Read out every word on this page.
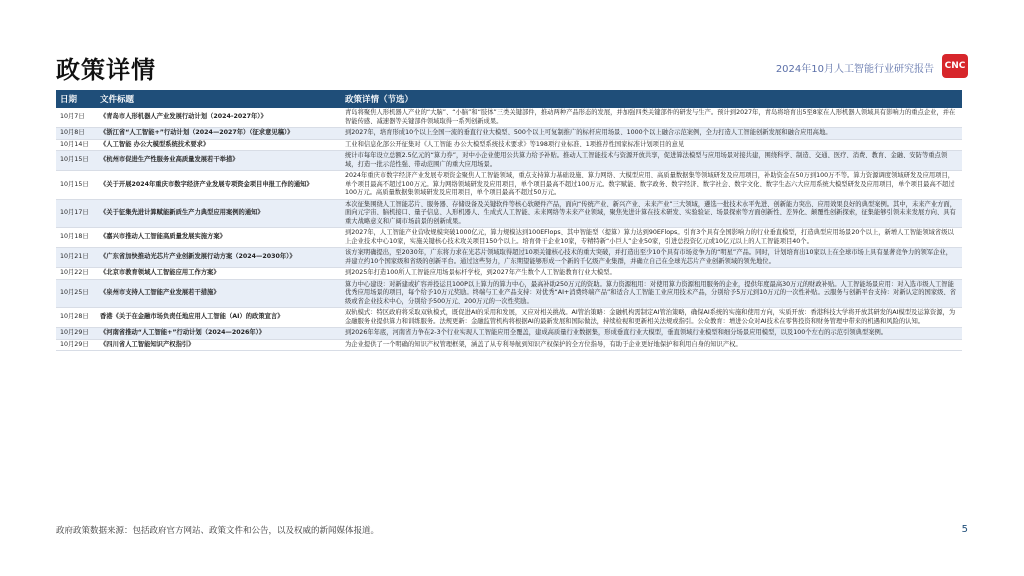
政策详情	2024年10月人工智能行业研究报告 CNC
日期	文件标题	政策详情（节选）
10月7日	《青岛市人形机器人产业发展行动计划（2024-2027年）》	青岛将聚焦人形机器人产业的“大脑”、“小脑”和“肢体”三类关键部件，推动两种产品形态的发展，并加强四类关键部件的研发与生产。预计到2027年，青岛将培育出5至8家在人形机器人领域具有影响力的重点企业，并在智能传感、减速器等关键部件领域取得一系列创新成果。
10月8日	《浙江省“人工智能+”行动计划（2024—2027年）（征求意见稿）》	到2027年，培育形成10个以上全国一流的垂直行业大模型、500个以上可复制推广的标杆应用场景、1000个以上融合示范案例，全力打造人工智能创新发展和融合应用高地。
10月14日	《人工智能 办公大模型系统技术要求》	工业和信息化部公开征集对《人工智能 办公大模型系统技术要求》等198项行业标准、1项推荐性国家标准计划项目的意见
10月15日	《杭州市促进生产性服务业高质量发展若干举措》	统计市每年设立总额2.5亿元的“算力券”，对中小企业使用公共算力给予补贴。推动人工智能技术与资源开放共享，促进算法模型与应用场景对接共建，围绕科学、制造、交通、医疗、消费、教育、金融、安防等重点领域，打造一批示范性强、带动范围广的重大应用场景。
10月15日	《关于开展2024年重庆市数字经济产业发展专项资金项目申报工作的通知》	2024年重庆市数字经济产业发展专项资金聚焦人工智能领域，重点支持算力基础设施、算力网络、大模型应用、高质量数据集等领域研发及应用项目，补助资金在50万到100万不等。算力资源调度领域研发及应用项目，单个项目最高不超过100万元。算力网络领域研发及应用项目，单个项目最高不超过100万元。数字赋能、数字政务、数字经济、数字社会、数字文化、数字生态六大应用系统大模型研发及应用项目，单个项目最高不超过100万元。高质量数据集领域研发及应用项目，单个项目最高不超过50万元。
10月17日	《关于征集先进计算赋能新质生产力典型应用案例的通知》	本次征集围绕人工智能芯片、服务器、存储设备及关键软件等核心软硬件产品，面向“传统产业、新兴产业、未来产业”三大领域，遴选一批技术水平先进、创新能力突出、应用效果良好的典型案例。其中，未来产业方面，面向元宇宙、脑机接口、量子信息、人形机器人、生成式人工智能、未来网络等未来产业领域，聚焦先进计算在技术研发、实验验证、场景探索等方面创新性、差异化、颠覆性创新探索，征集能够引领未来发展方向、具有重大战略意义和广阔市场前景的创新成果。
10月18日	《嘉兴市推动人工智能高质量发展实施方案》	到2027年，人工智能产业营收规模突破1000亿元，算力规模达到100EFlops、其中智能型（提算）算力达到90EFlops。引育3个具有全国影响力的行业垂直模型，打造典型应用场景20个以上，新增人工智能领域省级以上企业技术中心10家，实施关键核心技术攻关项目150个以上。培育骨干企业10家，专精特新“小巨人”企业50家，引进总投资亿元或10亿元以上的人工智能项目40个。
10月21日	《广东省加快推动光芯片产业创新发展行动方案（2024—2030年）》	该方案明确提出，至2030年，广东将力求在光芯片领域取得超过10项关键核心技术的重大突破，并打造出至少10个具有市场竞争力的“明星”产品。同时，计划培育出10家以上在全球市场上具有显著竞争力的领军企业，并建立约10个国家级和省级的创新平台。通过这些努力，广东期望能够形成一个新的千亿级产业集群，并确立自己在全球光芯片产业创新领域的领先地位。
10月22日	《北京市教育领域人工智能应用工作方案》	到2025年打造100所人工智能应用场景标杆学校，到2027年产生数个人工智能教育行业大模型。
10月25日	《泉州市支持人工智能产业发展若干措施》	算力中心建设：对新建或扩容并投运且100P以上算力的算力中心，最高补助250万元的资助。算力资源租用：对使用算力资源租用服务的企业，提供年度最高30万元的财政补贴。人工智能场景应用：对入选市级人工智能优秀应用场景的项目，每个给予10万元奖励。终端与工业产品支持：对优秀“AI+消费终端产品”和适合人工智能工业应用技术产品，分别给予5万元到10万元的一次性补贴。云服务与创新平台支持：对新认定的国家级、省级或省企业技术中心，分别给予500万元、200万元的一次性奖励。
10月28日	香港《关于在金融市场负责任地应用人工智能（AI）的政策宣言》	双轨模式：特区政府将采取双轨模式，既促进AI的采用和发展，又应对相关挑战。AI管治策略：金融机构需制定AI管治策略，确保AI系统的实施和使用方向，实质开放：香港科技大学将开放其研发的AI模型及运算资源，为金融服务业提供算力和训练服务。法规更新：金融监管机构将根据AI的最新发展和国际做法，持续检视和更新相关法规或指引。公众教育：增进公众对AI技术在零售投资和财务管理中带来的机遇和风险的认知。
10月29日	《河南省推动“人工智能+”行动计划（2024—2026年）》	到2026年年底，河南省力争在2-3个行业实现人工智能应用全覆盖，建成高质量行业数据集，形成垂直行业大模型，垂直领域行业模型和细分场景应用模型，以及100个左右的示范引领典型案例。
10月29日	《四川省人工智能知识产权指引》	为企业提供了一个明确的知识产权管理框架，涵盖了从专利导航到知识产权保护的全方位指导，有助于企业更好地保护和利用自身的知识产权。
政府政策数据来源：包括政府官方网站、政策文件和公告，以及权威的新闻媒体报道。	5
